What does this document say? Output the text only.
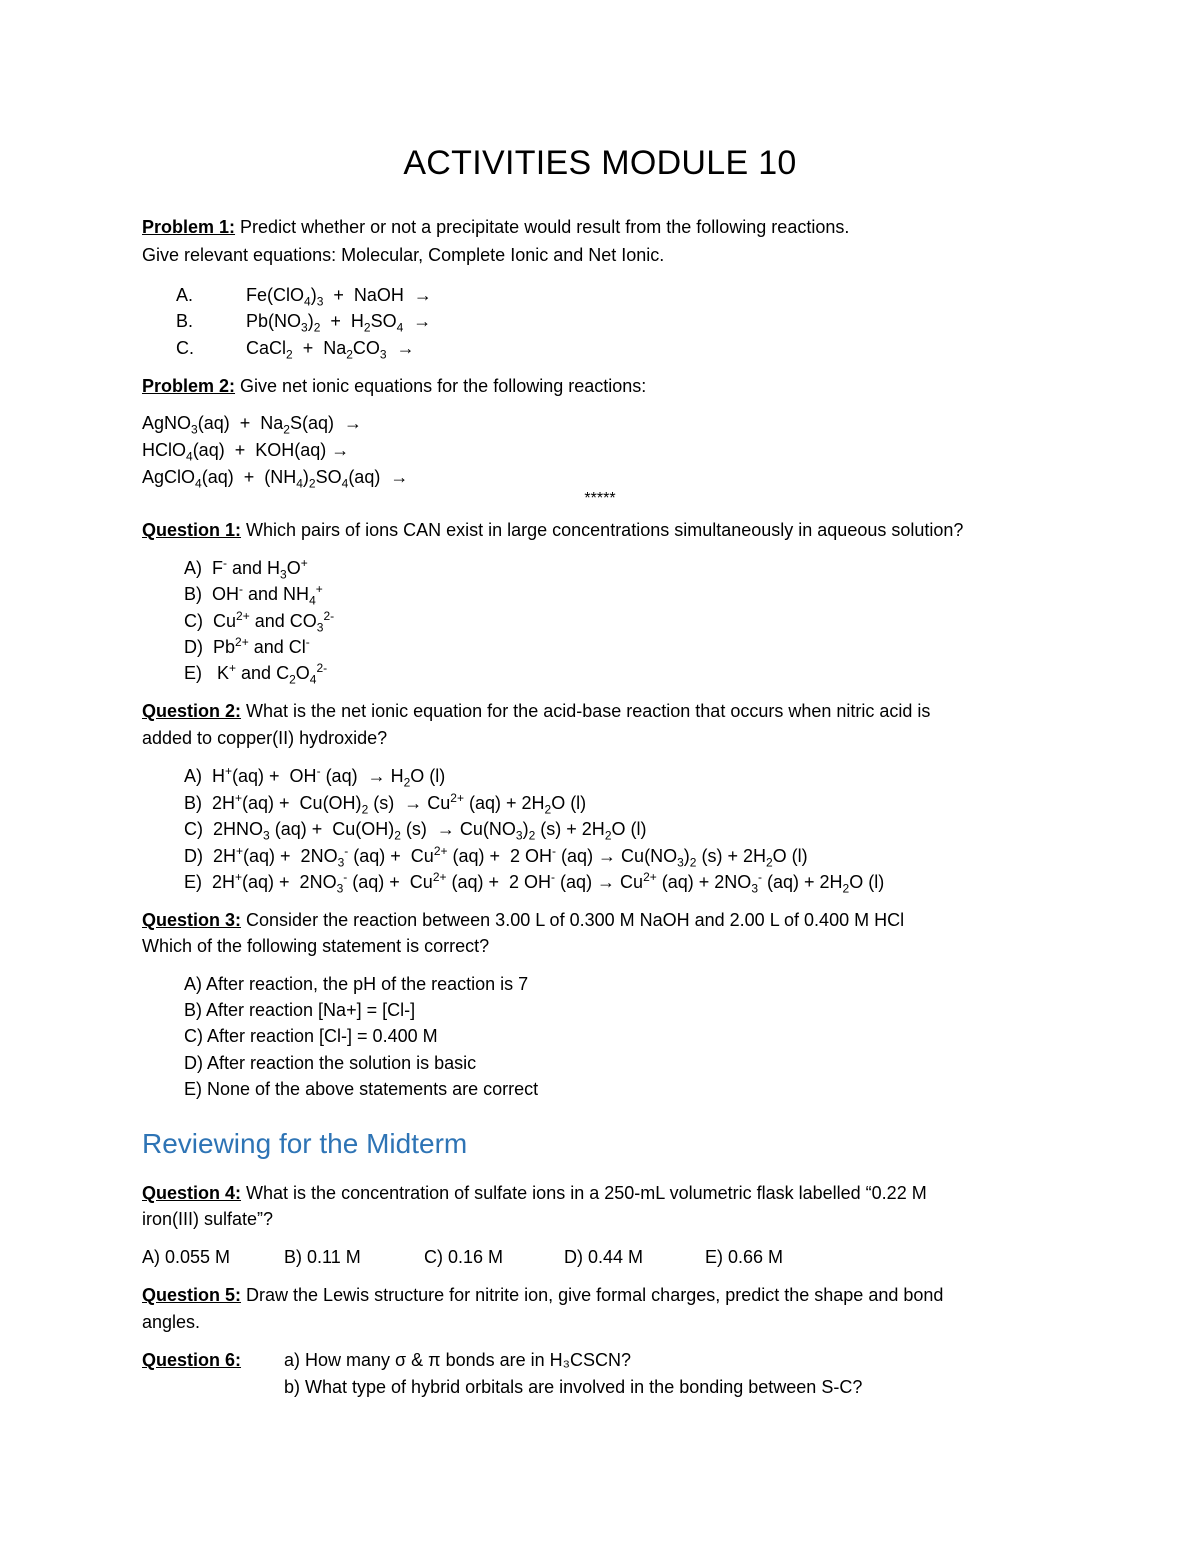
ACTIVITIES MODULE 10
Problem 1: Predict whether or not a precipitate would result from the following reactions.
Give relevant equations: Molecular, Complete Ionic and Net Ionic.
A.	$Fe(ClO_4)_3$  +  NaOH  →
B.	$Pb(NO_3)_2 + H_2SO_4$  →
C.	CaCl$_2$  +  $Na_2CO_3$  →
Problem 2: Give net ionic equations for the following reactions:
AgNO$_3$(aq)  +  $Na_2S(aq)$  →
HClO$_4$(aq)  +  KOH(aq) →
AgClO$_4$(aq)  +  $(NH_4)_2SO_4(aq)$  →
*****
Question 1: Which pairs of ions CAN exist in large concentrations simultaneously in aqueous solution?
A)  F- and $H_3O^+$
B)  OH- and $NH_4^+$
C)  $Cu^{2+}$ and $CO_3^{2-}$
D)  $Pb^{2+}$ and Cl-
E)   K+ and $C_2O_4^{2-}$
Question 2: What is the net ionic equation for the acid-base reaction that occurs when nitric acid is
added to copper(II) hydroxide?
A)  H+(aq) +  OH- $(aq) \to H_2O$ (l)
B)  $2H^+(aq) + Cu(OH)_2$ $(s) \to Cu^{2+}$ $(aq) + 2H_2O$ (l)
C)  $2HNO_3$ $(aq) + Cu(OH)_2$ $(s) \to Cu(NO_3)_2$ $(s) + 2H_2O$ (l)
D)  $2H^+(aq) + 2NO_3^-$ $(aq) + Cu^{2+}$ (aq) +  2 OH- $(aq) \to Cu(NO_3)_2$ $(s) + 2H_2O$ (l)
E)  $2H^+(aq) + 2NO_3^-$ $(aq) + Cu^{2+}$ (aq) +  2 OH- $(aq) \to Cu^{2+}$ $(aq) + 2NO_3^-$ $(aq) + 2H_2O$ (l)
Question 3: Consider the reaction between 3.00 L of 0.300 M NaOH and 2.00 L of 0.400 M HCl
Which of the following statement is correct?
A) After reaction, the pH of the reaction is 7
B) After reaction [Na+] = [Cl-]
C) After reaction [Cl-] = 0.400 M
D) After reaction the solution is basic
E) None of the above statements are correct
Reviewing for the Midterm
Question 4: What is the concentration of sulfate ions in a 250-mL volumetric flask labelled “0.22 M
iron(III) sulfate”?
A) 0.055 M	B) 0.11 M	C) 0.16 M	D) 0.44 M	E) 0.66 M
Question 5: Draw the Lewis structure for nitrite ion, give formal charges, predict the shape and bond
angles.
Question 6: a) How many σ & π bonds are in H₃CSCN?
b) What type of hybrid orbitals are involved in the bonding between S-C?
